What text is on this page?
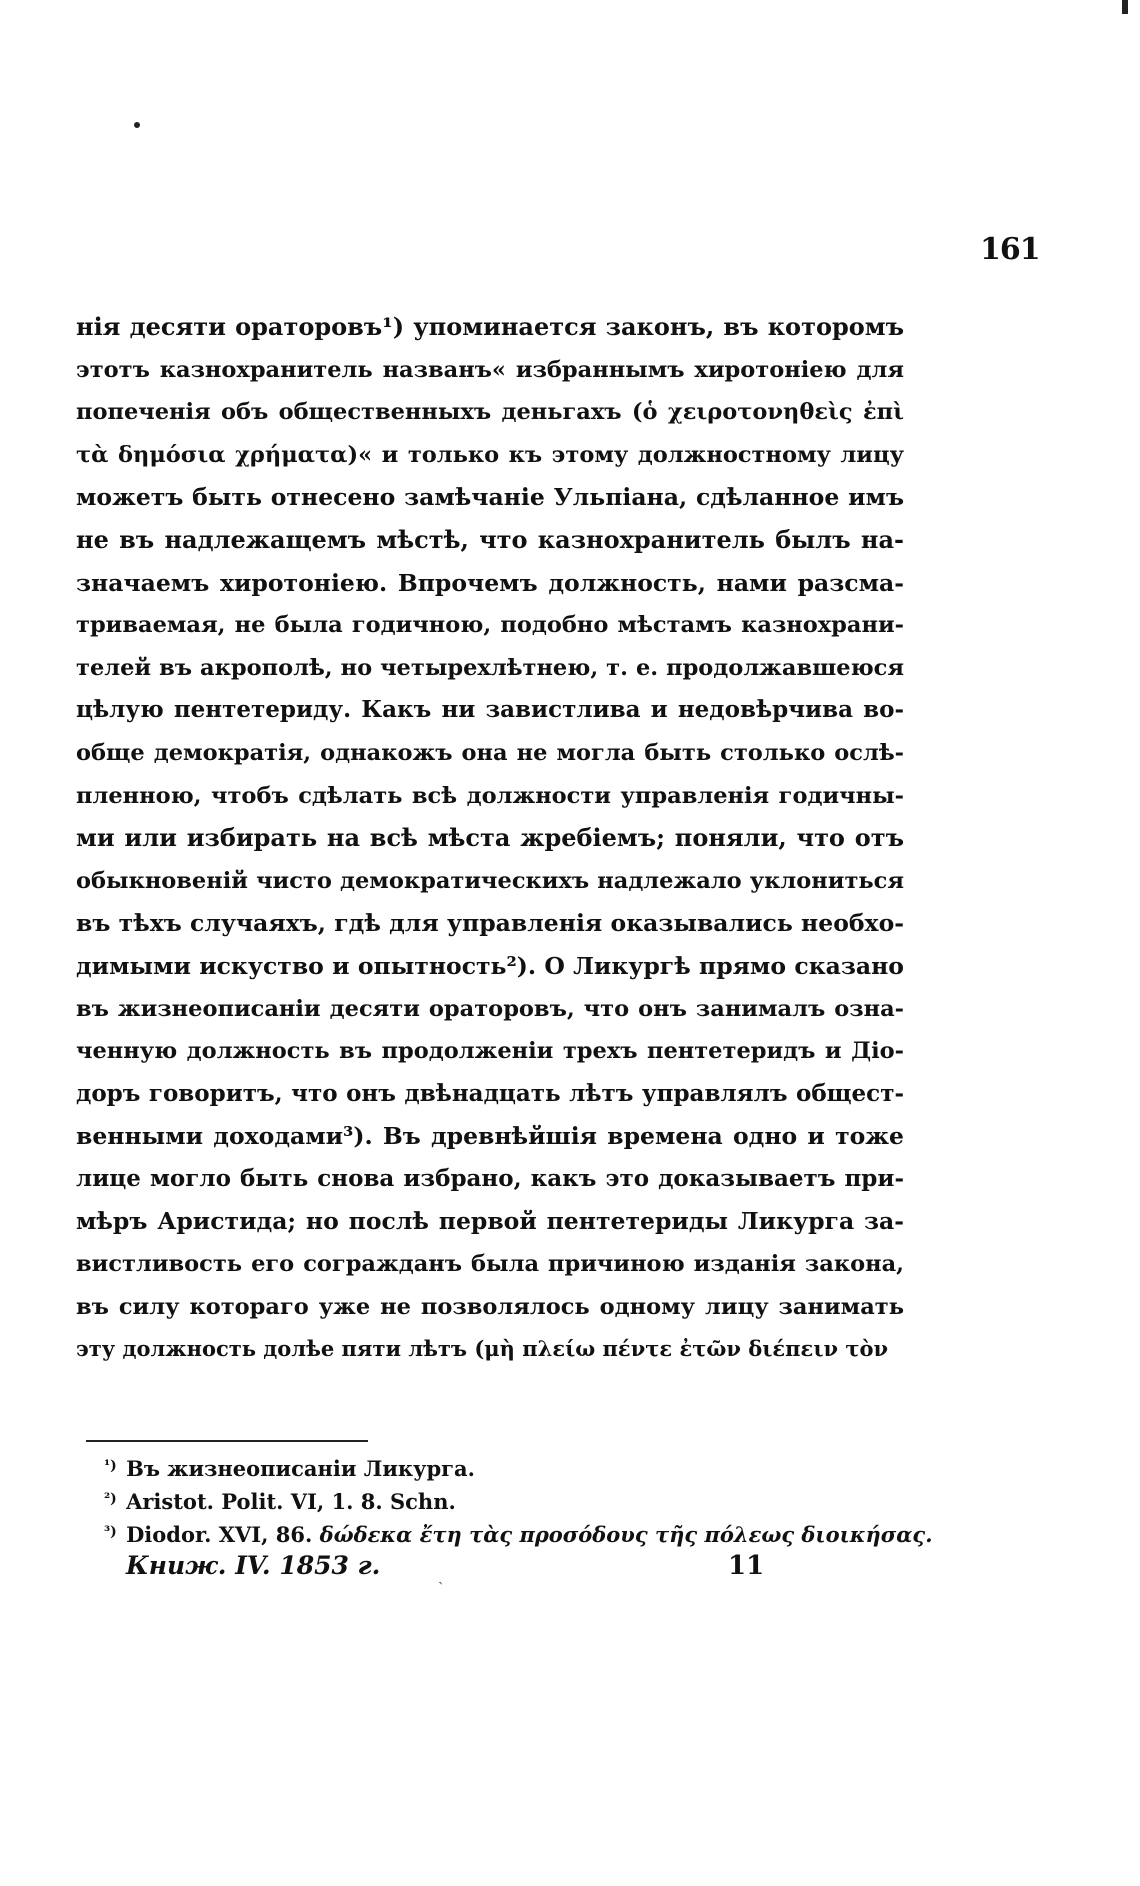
161
нія десяти ораторовъ¹) упоминается законъ, въ которомъ
этотъ казнохранитель названъ« избраннымъ хиротоніею для
попеченія объ общественныхъ деньгахъ (ὁ χειροτονηθεὶς ἐπὶ
τὰ δημόσια χρήματα)« и только къ этому должностному лицу
можетъ быть отнесено замѣчаніе Ульпіана, сдѣланное имъ
не въ надлежащемъ мѣстѣ, что казнохранитель былъ на-
значаемъ хиротоніею. Впрочемъ должность, нами разсма-
триваемая, не была годичною, подобно мѣстамъ казнохрани-
телей въ акрополѣ, но четырехлѣтнею, т. е. продолжавшеюся
цѣлую пентетериду. Какъ ни завистлива и недовѣрчива во-
обще демократія, однакожъ она не могла быть столько ослѣ-
пленною, чтобъ сдѣлать всѣ должности управленія годичны-
ми или избирать на всѣ мѣста жребіемъ; поняли, что отъ
обыкновеній чисто демократическихъ надлежало уклониться
въ тѣхъ случаяхъ, гдѣ для управленія оказывались необхо-
димыми искуство и опытность²). О Ликургѣ прямо сказано
въ жизнеописаніи десяти ораторовъ, что онъ занималъ озна-
ченную должность въ продолженіи трехъ пентетеридъ и Діо-
доръ говоритъ, что онъ двѣнадцать лѣтъ управлялъ общест-
венными доходами³). Въ древнѣйшія времена одно и тоже
лице могло быть снова избрано, какъ это доказываетъ при-
мѣръ Аристида; но послѣ первой пентетериды Ликурга за-
вистливость его согражданъ была причиною изданія закона,
въ силу котораго уже не позволялось одному лицу занимать
эту должность долѣе пяти лѣтъ (μὴ πλείω πέντε ἐτῶν διέπειν τὸν
$^{^1)}$ Въ жизнеописаніи Ликурга.
$^{^2)}$ Aristot. Polit. VI, 1. 8. Schn.
$^{^3)}$ Diodor. XVI, 86. δώδεκα ἔτη τὰς προσόδους τῆς πόλεως διοικήσας.
Книж. IV. 1853 г.	ˎ	11
